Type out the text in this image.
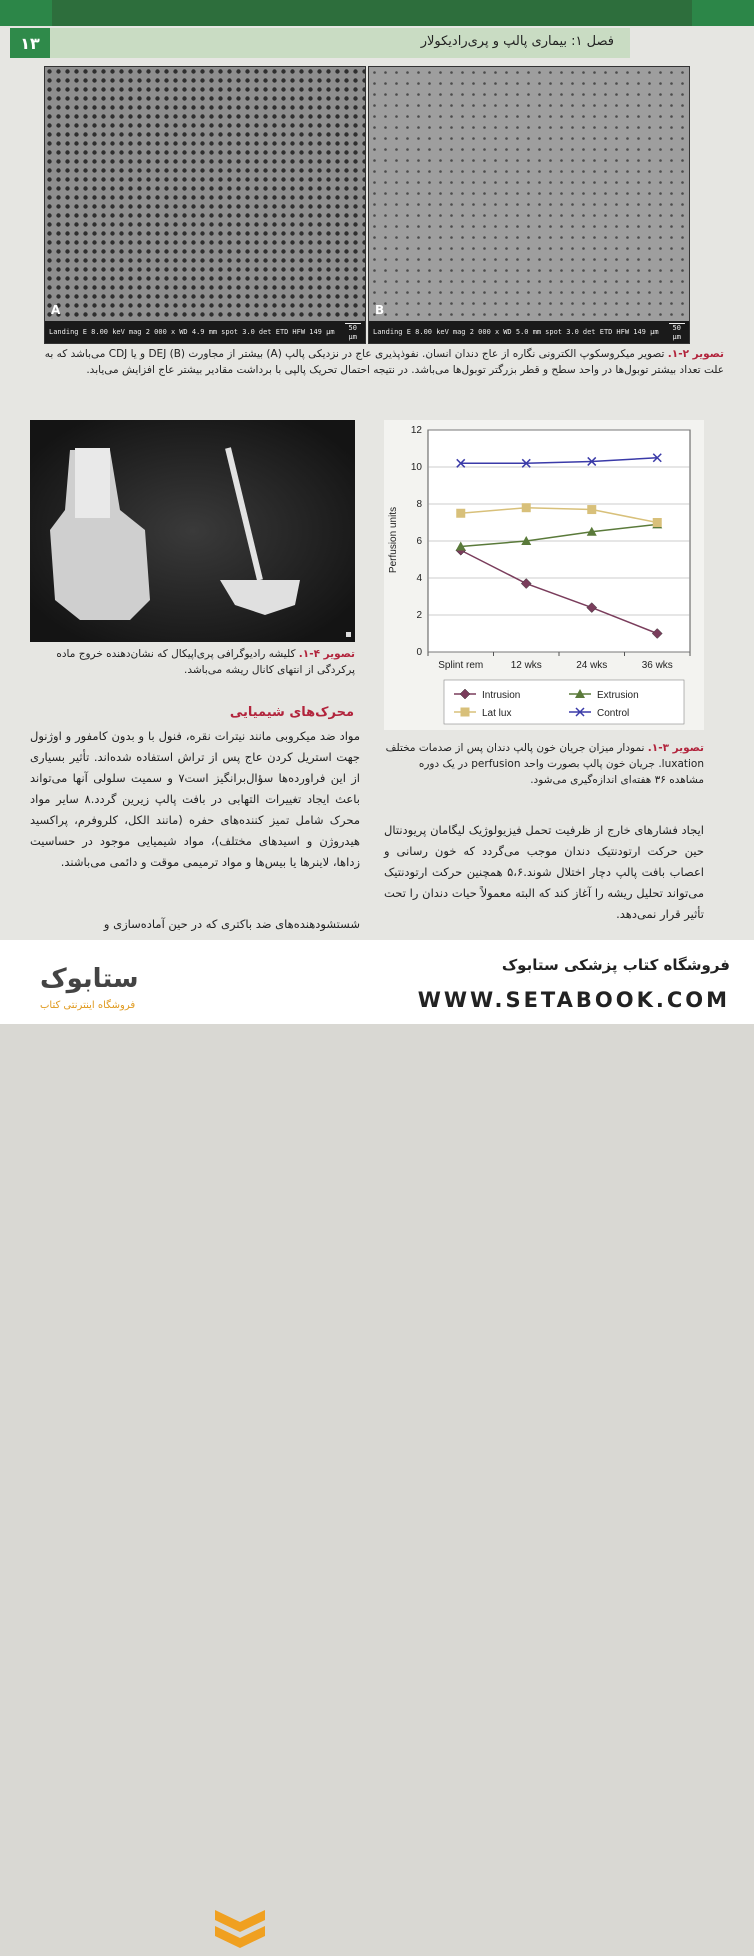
۱۳	فصل ۱: بیماری پالپ و پری‌رادیکولار
A
Landing E 8.00 keV mag 2 000 x WD 4.9 mm spot 3.0 det ETD HFW 149 µm	50 µm
B
Landing E 8.00 keV mag 2 000 x WD 5.0 mm spot 3.0 det ETD HFW 149 µm	50 µm
تصویر ۲-۱. تصویر میکروسکوپ الکترونی نگاره از عاج دندان انسان. نفوذپذیری عاج در نزدیکی پالپ (A) بیشتر از مجاورت DEJ (B) و یا CDJ می‌باشد که به علت تعداد بیشتر توبول‌ها در واحد سطح و قطر بزرگتر توبول‌ها می‌باشد. در نتیجه احتمال تحریک پالپی با برداشت مقادیر بیشتر عاج افزایش می‌یابد.
تصویر ۴-۱. کلیشه رادیوگرافی پری‌اپیکال که نشان‌دهنده خروج ماده پرکردگی از انتهای کانال ریشه می‌باشد.
Perfusion units
0
2
4
6
8
10
12
Splint rem	12 wks	24 wks	36 wks
Intrusion	Extrusion
Lat lux	Control
تصویر ۳-۱. نمودار میزان جریان خون پالپ دندان پس از صدمات مختلف luxation. جریان خون پالپ بصورت واحد perfusion در یک دوره مشاهده ۳۶ هفته‌ای اندازه‌گیری می‌شود.
محرک‌های شیمیایی
مواد ضد میکروبی مانند نیترات نقره، فنول با و بدون کامفور و اوژنول جهت استریل کردن عاج پس از تراش استفاده شده‌اند. تأثیر بسیاری از این فراورده‌ها سؤال‌برانگیز است۷ و سمیت سلولی آنها می‌تواند باعث ایجاد تغییرات التهابی در بافت پالپ زیرین گردد.۸ سایر مواد محرک شامل تمیز کننده‌های حفره (مانند الکل، کلروفرم، پراکسید هیدروژن و اسیدهای مختلف)، مواد شیمیایی موجود در حساسیت زداها، لاینرها یا بیس‌ها و مواد ترمیمی موقت و دائمی می‌باشند.
شستشودهنده‌های ضد باکتری که در حین آماده‌سازی و
ایجاد فشارهای خارج از ظرفیت تحمل فیزیولوژیک لیگامان پریودنتال حین حرکت ارتودنتیک دندان موجب می‌گردد که خون رسانی و اعصاب بافت پالپ دچار اختلال شوند.۵،۶ همچنین حرکت ارتودنتیک می‌تواند تحلیل ریشه را آغاز کند که البته معمولاً حیات دندان را تحت تأثیر قرار نمی‌دهد.
ستابوک
فروشگاه اینترنتی کتاب
فروشگاه کتاب پزشکی ستابوک
WWW.SETABOOK.COM
